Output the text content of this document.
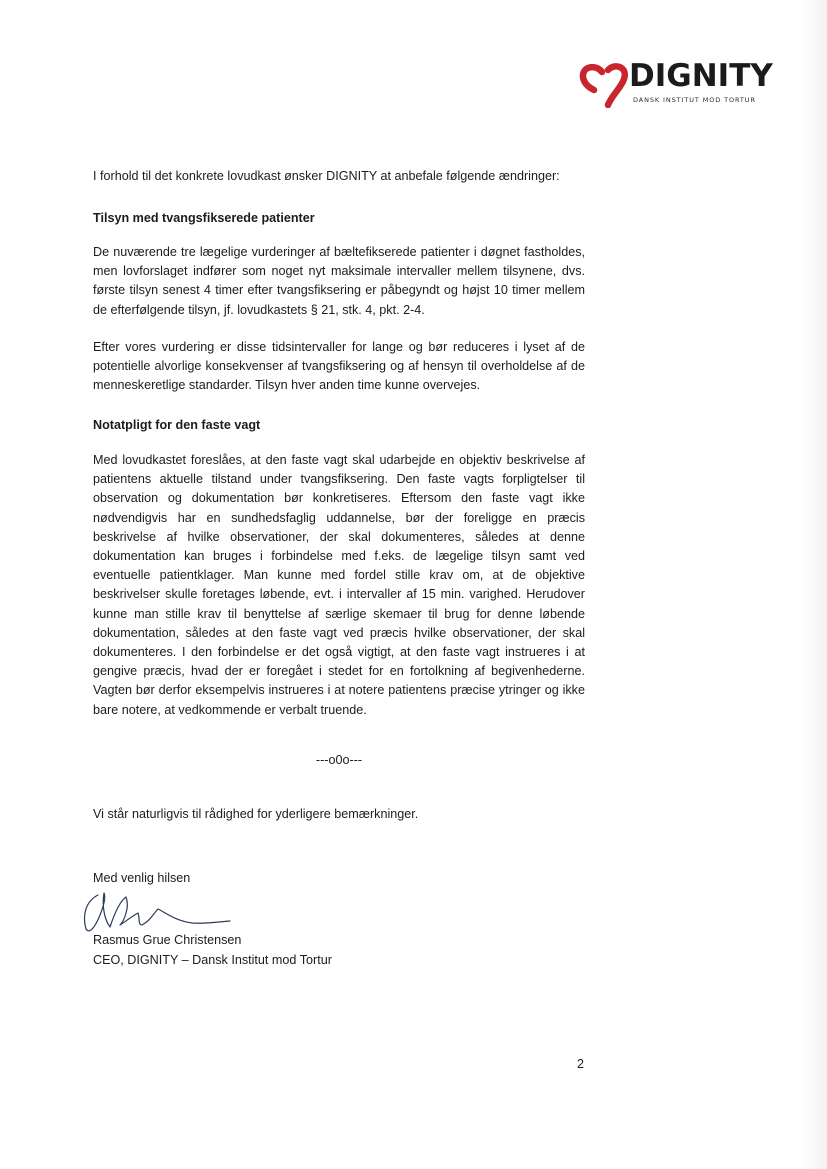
DIGNITY
DANSK INSTITUT MOD TORTUR

I forhold til det konkrete lovudkast ønsker DIGNITY at anbefale følgende ændringer:

Tilsyn med tvangsfikserede patienter

De nuværende tre lægelige vurderinger af bæltefikserede patienter i døgnet fastholdes, men lovforslaget indfører som noget nyt maksimale intervaller mellem tilsynene, dvs. første tilsyn senest 4 timer efter tvangsfiksering er påbegyndt og højst 10 timer mellem de efterfølgende tilsyn, jf. lovudkastets § 21, stk. 4, pkt. 2-4.

Efter vores vurdering er disse tidsintervaller for lange og bør reduceres i lyset af de potentielle alvorlige konsekvenser af tvangsfiksering og af hensyn til overholdelse af de menneskeretlige standarder. Tilsyn hver anden time kunne overvejes.

Notatpligt for den faste vagt

Med lovudkastet foreslåes, at den faste vagt skal udarbejde en objektiv beskrivelse af patientens aktuelle tilstand under tvangsfiksering. Den faste vagts forpligtelser til observation og dokumentation bør konkretiseres. Eftersom den faste vagt ikke nødvendigvis har en sundhedsfaglig uddannelse, bør der foreligge en præcis beskrivelse af hvilke observationer, der skal dokumenteres, således at denne dokumentation kan bruges i forbindelse med f.eks. de lægelige tilsyn samt ved eventuelle patientklager. Man kunne med fordel stille krav om, at de objektive beskrivelser skulle foretages løbende, evt. i intervaller af 15 min. varighed. Herudover kunne man stille krav til benyttelse af særlige skemaer til brug for denne løbende dokumentation, således at den faste vagt ved præcis hvilke observationer, der skal dokumenteres. I den forbindelse er det også vigtigt, at den faste vagt instrueres i at gengive præcis, hvad der er foregået i stedet for en fortolkning af begivenhederne. Vagten bør derfor eksempelvis instrueres i at notere patientens præcise ytringer og ikke bare notere, at vedkommende er verbalt truende.

---o0o---

Vi står naturligvis til rådighed for yderligere bemærkninger.

Med venlig hilsen

Rasmus Grue Christensen

CEO, DIGNITY – Dansk Institut mod Tortur

2
